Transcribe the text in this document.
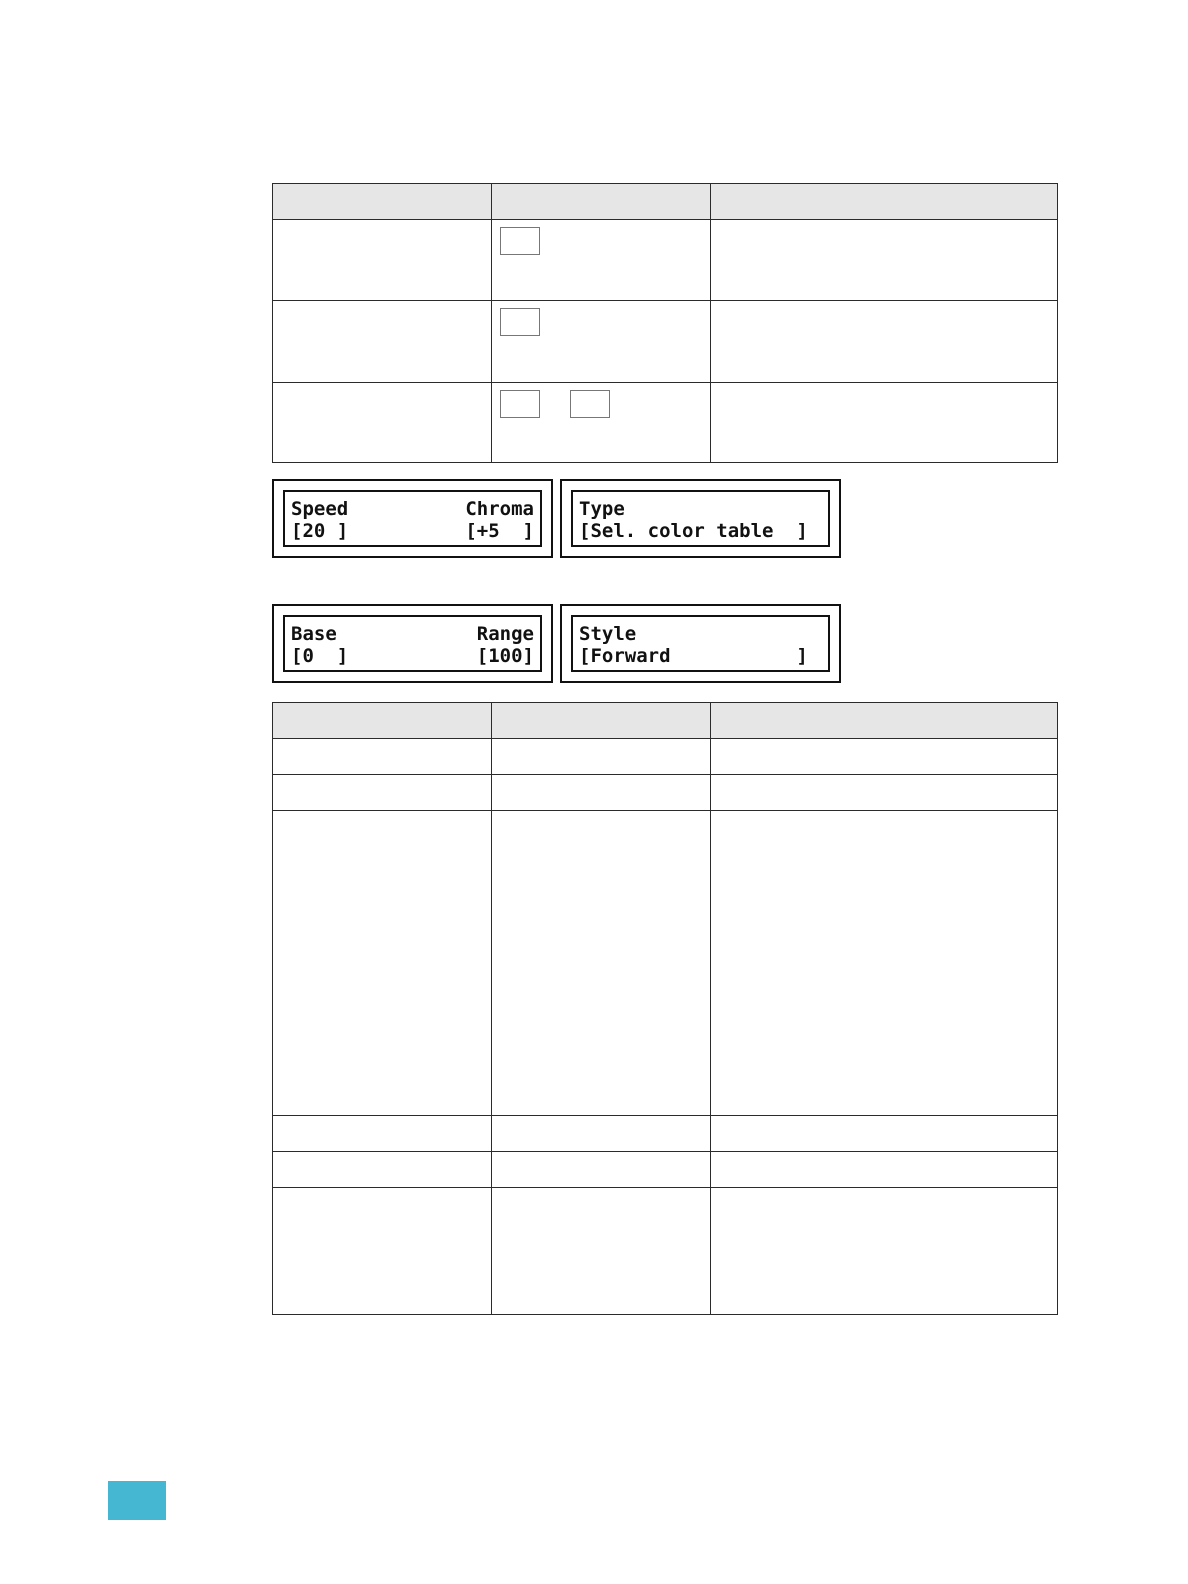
Speed

	Chroma

[20 ]

	[+5  ]

Type
[Sel. color table  ]

Base

	Range

[0  ]

	[100]

Style
[Forward           ]
